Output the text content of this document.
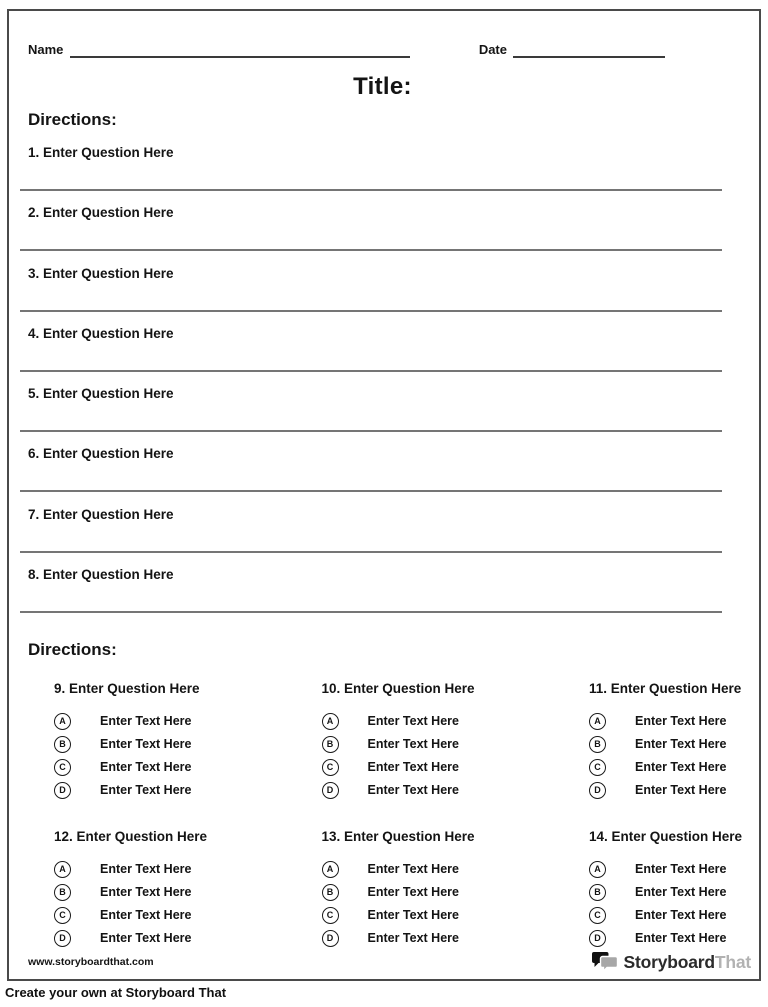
Name	Date
Title:
Directions:
1. Enter Question Here
2. Enter Question Here
3. Enter Question Here
4. Enter Question Here
5. Enter Question Here
6. Enter Question Here
7. Enter Question Here
8. Enter Question Here
Directions:
9. Enter Question Here
A	Enter Text Here
B	Enter Text Here
C	Enter Text Here
D	Enter Text Here
10. Enter Question Here
A	Enter Text Here
B	Enter Text Here
C	Enter Text Here
D	Enter Text Here
11. Enter Question Here
A	Enter Text Here
B	Enter Text Here
C	Enter Text Here
D	Enter Text Here
12. Enter Question Here
A	Enter Text Here
B	Enter Text Here
C	Enter Text Here
D	Enter Text Here
13. Enter Question Here
A	Enter Text Here
B	Enter Text Here
C	Enter Text Here
D	Enter Text Here
14. Enter Question Here
A	Enter Text Here
B	Enter Text Here
C	Enter Text Here
D	Enter Text Here
www.storyboardthat.com	StoryboardThat
Create your own at Storyboard That
